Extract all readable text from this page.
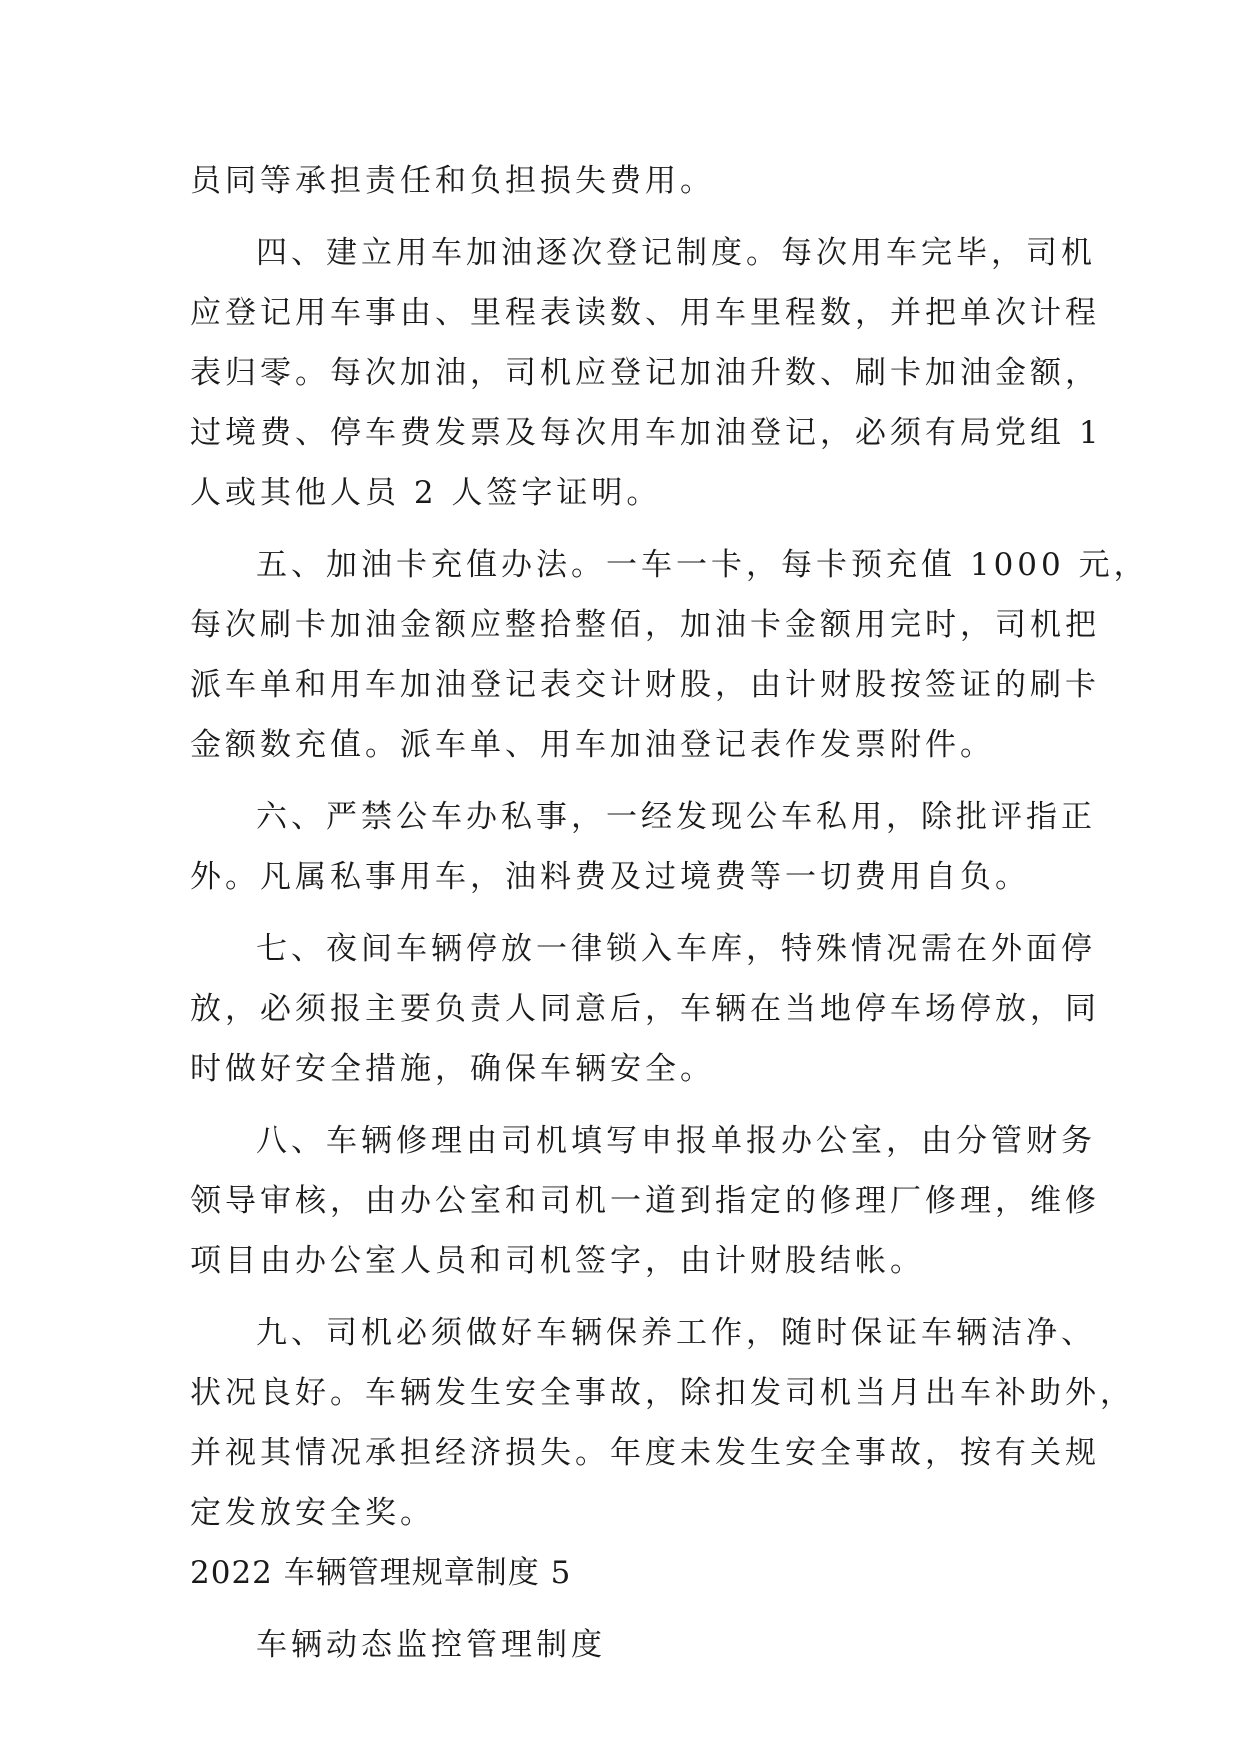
员同等承担责任和负担损失费用。
四、建立用车加油逐次登记制度。每次用车完毕，司机
应登记用车事由、里程表读数、用车里程数，并把单次计程
表归零。每次加油，司机应登记加油升数、刷卡加油金额，
过境费、停车费发票及每次用车加油登记，必须有局党组 1
人或其他人员 2 人签字证明。
五、加油卡充值办法。一车一卡，每卡预充值 1000 元，
每次刷卡加油金额应整拾整佰，加油卡金额用完时，司机把
派车单和用车加油登记表交计财股，由计财股按签证的刷卡
金额数充值。派车单、用车加油登记表作发票附件。
六、严禁公车办私事，一经发现公车私用，除批评指正
外。凡属私事用车，油料费及过境费等一切费用自负。
七、夜间车辆停放一律锁入车库，特殊情况需在外面停
放，必须报主要负责人同意后，车辆在当地停车场停放，同
时做好安全措施，确保车辆安全。
八、车辆修理由司机填写申报单报办公室，由分管财务
领导审核，由办公室和司机一道到指定的修理厂修理，维修
项目由办公室人员和司机签字，由计财股结帐。
九、司机必须做好车辆保养工作，随时保证车辆洁净、
状况良好。车辆发生安全事故，除扣发司机当月出车补助外，
并视其情况承担经济损失。年度未发生安全事故，按有关规
定发放安全奖。
2022 车辆管理规章制度 5
车辆动态监控管理制度
